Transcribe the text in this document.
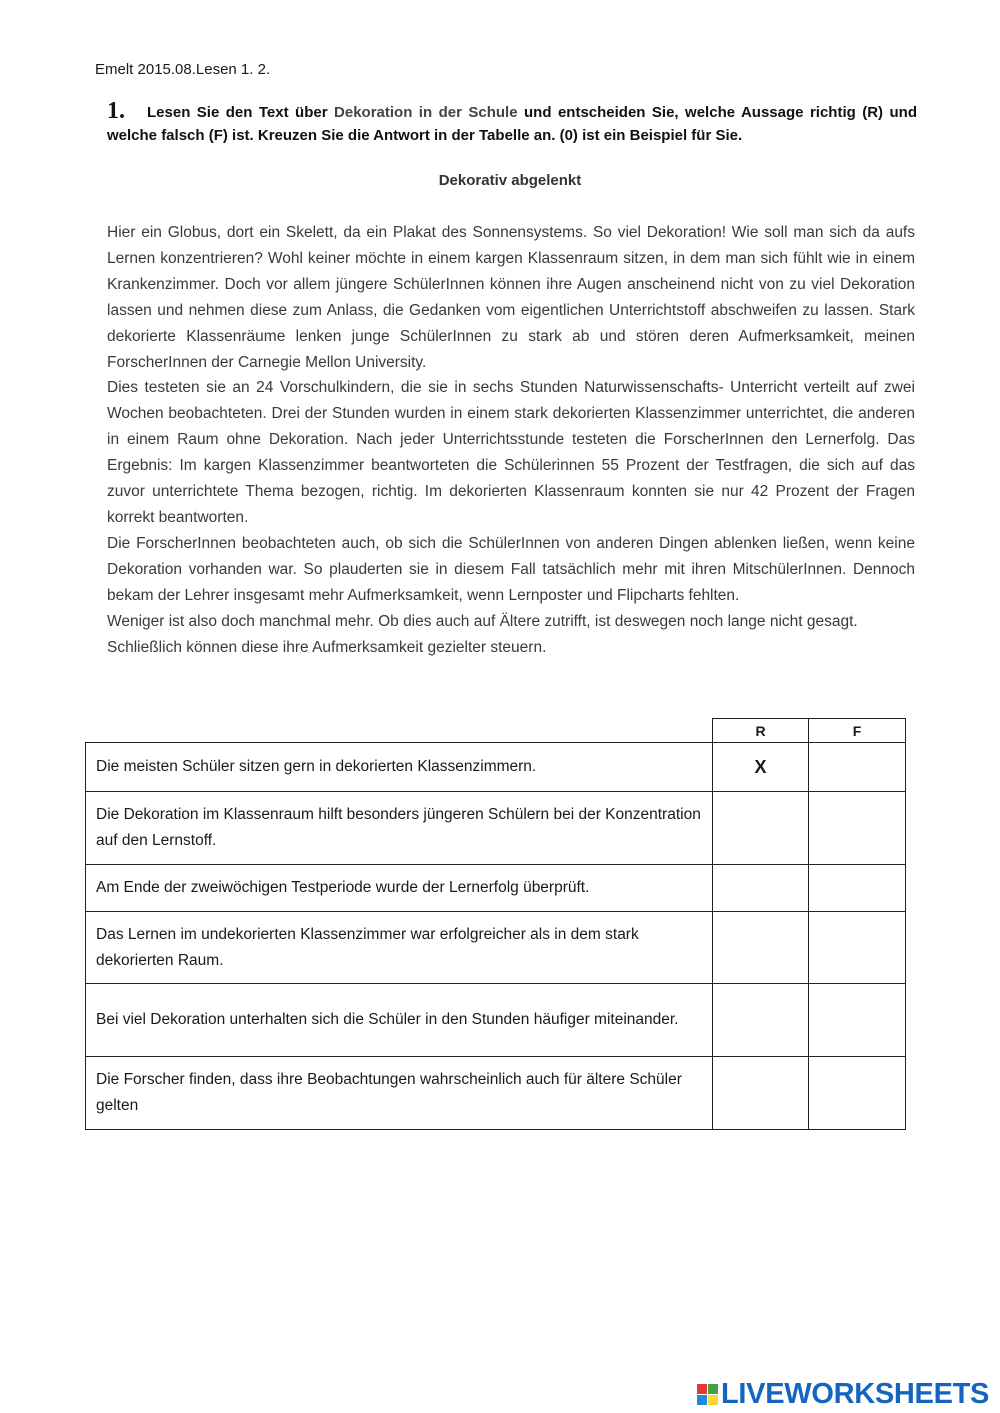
Emelt 2015.08.Lesen 1. 2.
1. Lesen Sie den Text über Dekoration in der Schule und entscheiden Sie, welche Aussage richtig (R) und welche falsch (F) ist. Kreuzen Sie die Antwort in der Tabelle an. (0) ist ein Beispiel für Sie.
Dekorativ abgelenkt

Hier ein Globus, dort ein Skelett, da ein Plakat des Sonnensystems. So viel Dekoration! Wie soll man sich da aufs Lernen konzentrieren? Wohl keiner möchte in einem kargen Klassenraum sitzen, in dem man sich fühlt wie in einem Krankenzimmer. Doch vor allem jüngere SchülerInnen können ihre Augen anscheinend nicht von zu viel Dekoration lassen und nehmen diese zum Anlass, die Gedanken vom eigentlichen Unterrichtstoff abschweifen zu lassen. Stark dekorierte Klassenräume lenken junge SchülerInnen zu stark ab und stören deren Aufmerksamkeit, meinen ForscherInnen der Carnegie Mellon University.

Dies testeten sie an 24 Vorschulkindern, die sie in sechs Stunden Naturwissenschafts- Unterricht verteilt auf zwei Wochen beobachteten. Drei der Stunden wurden in einem stark dekorierten Klassenzimmer unterrichtet, die anderen in einem Raum ohne Dekoration. Nach jeder Unterrichtsstunde testeten die ForscherInnen den Lernerfolg. Das Ergebnis: Im kargen Klassenzimmer beantworteten die Schülerinnen 55 Prozent der Testfragen, die sich auf das zuvor unterrichtete Thema bezogen, richtig. Im dekorierten Klassenraum konnten sie nur 42 Prozent der Fragen korrekt beantworten.

Die ForscherInnen beobachteten auch, ob sich die SchülerInnen von anderen Dingen ablenken ließen, wenn keine Dekoration vorhanden war. So plauderten sie in diesem Fall tatsächlich mehr mit ihren MitschülerInnen. Dennoch bekam der Lehrer insgesamt mehr Aufmerksamkeit, wenn Lernposter und Flipcharts fehlten.

Weniger ist also doch manchmal mehr. Ob dies auch auf Ältere zutrifft, ist deswegen noch lange nicht gesagt. Schließlich können diese ihre Aufmerksamkeit gezielter steuern.

	R	F
Die meisten Schüler sitzen gern in dekorierten Klassenzimmern.	X	
Die Dekoration im Klassenraum hilft besonders jüngeren Schülern bei der Konzentration auf den Lernstoff.		
Am Ende der zweiwöchigen Testperiode wurde der Lernerfolg überprüft.		
Das Lernen im undekorierten Klassenzimmer war erfolgreicher als in dem stark dekorierten Raum.		
Bei viel Dekoration unterhalten sich die Schüler in den Stunden häufiger miteinander.		
Die Forscher finden, dass ihre Beobachtungen wahrscheinlich auch für ältere Schüler gelten		
LIVEWORKSHEETS
